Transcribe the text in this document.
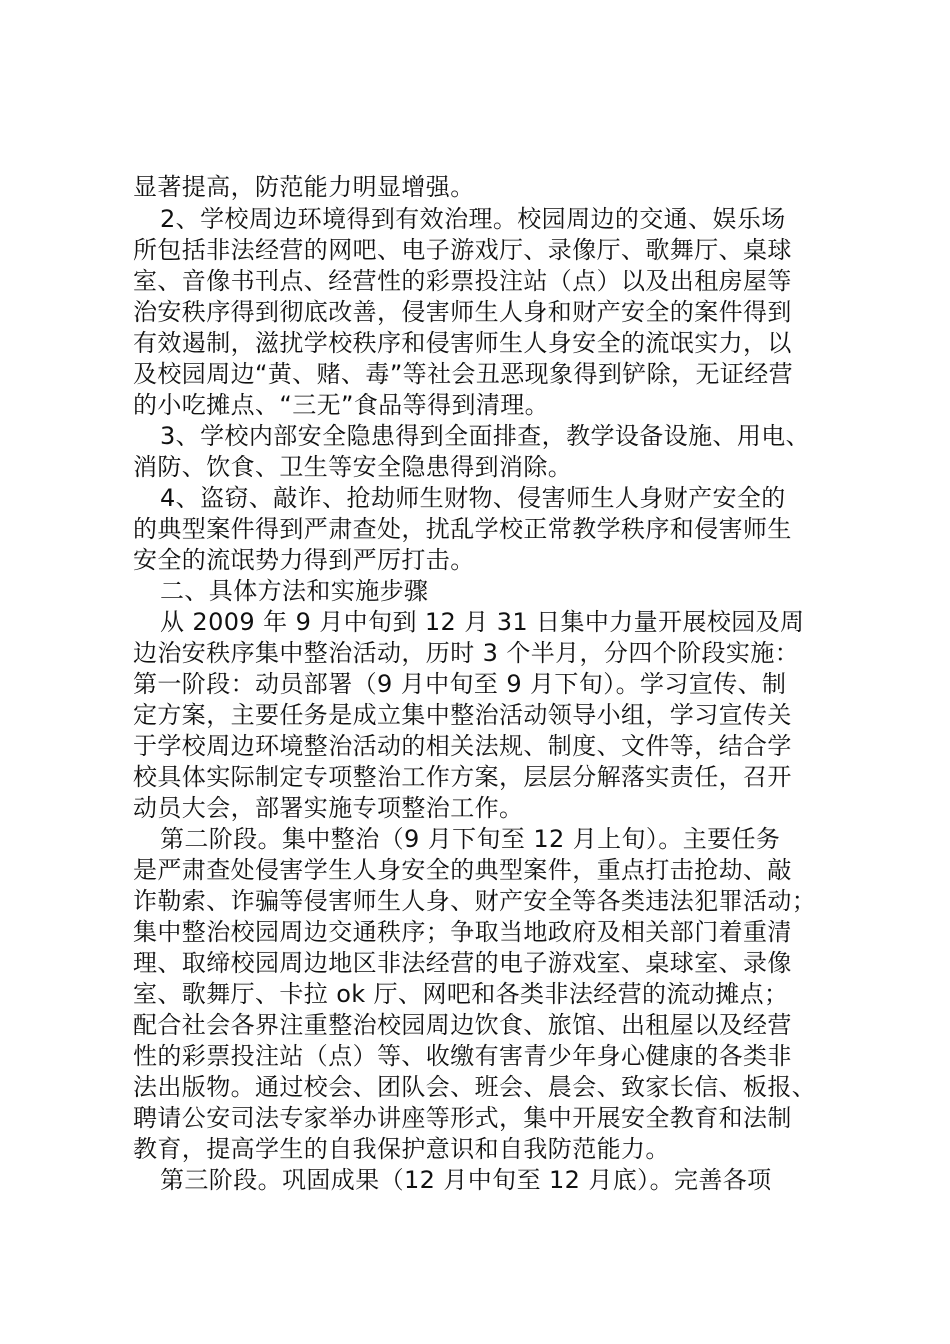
显著提高，防范能力明显增强。
2、学校周边环境得到有效治理。校园周边的交通、娱乐场
所包括非法经营的网吧、电子游戏厅、录像厅、歌舞厅、桌球
室、音像书刊点、经营性的彩票投注站（点）以及出租房屋等
治安秩序得到彻底改善，侵害师生人身和财产安全的案件得到
有效遏制，滋扰学校秩序和侵害师生人身安全的流氓实力，以
及校园周边“黄、赌、毒”等社会丑恶现象得到铲除，无证经营
的小吃摊点、“三无”食品等得到清理。
3、学校内部安全隐患得到全面排查，教学设备设施、用电、
消防、饮食、卫生等安全隐患得到消除。
4、盗窃、敲诈、抢劫师生财物、侵害师生人身财产安全的
的典型案件得到严肃查处，扰乱学校正常教学秩序和侵害师生
安全的流氓势力得到严厉打击。
二、具体方法和实施步骤
从 2009 年 9 月中旬到 12 月 31 日集中力量开展校园及周
边治安秩序集中整治活动，历时 3 个半月，分四个阶段实施：
第一阶段：动员部署（9 月中旬至 9 月下旬）。学习宣传、制
定方案，主要任务是成立集中整治活动领导小组，学习宣传关
于学校周边环境整治活动的相关法规、制度、文件等，结合学
校具体实际制定专项整治工作方案，层层分解落实责任，召开
动员大会，部署实施专项整治工作。
第二阶段。集中整治（9 月下旬至 12 月上旬）。主要任务
是严肃查处侵害学生人身安全的典型案件，重点打击抢劫、敲
诈勒索、诈骗等侵害师生人身、财产安全等各类违法犯罪活动；
集中整治校园周边交通秩序；争取当地政府及相关部门着重清
理、取缔校园周边地区非法经营的电子游戏室、桌球室、录像
室、歌舞厅、卡拉 ok 厅、网吧和各类非法经营的流动摊点；
配合社会各界注重整治校园周边饮食、旅馆、出租屋以及经营
性的彩票投注站（点）等、收缴有害青少年身心健康的各类非
法出版物。通过校会、团队会、班会、晨会、致家长信、板报、
聘请公安司法专家举办讲座等形式，集中开展安全教育和法制
教育，提高学生的自我保护意识和自我防范能力。
第三阶段。巩固成果（12 月中旬至 12 月底）。完善各项
